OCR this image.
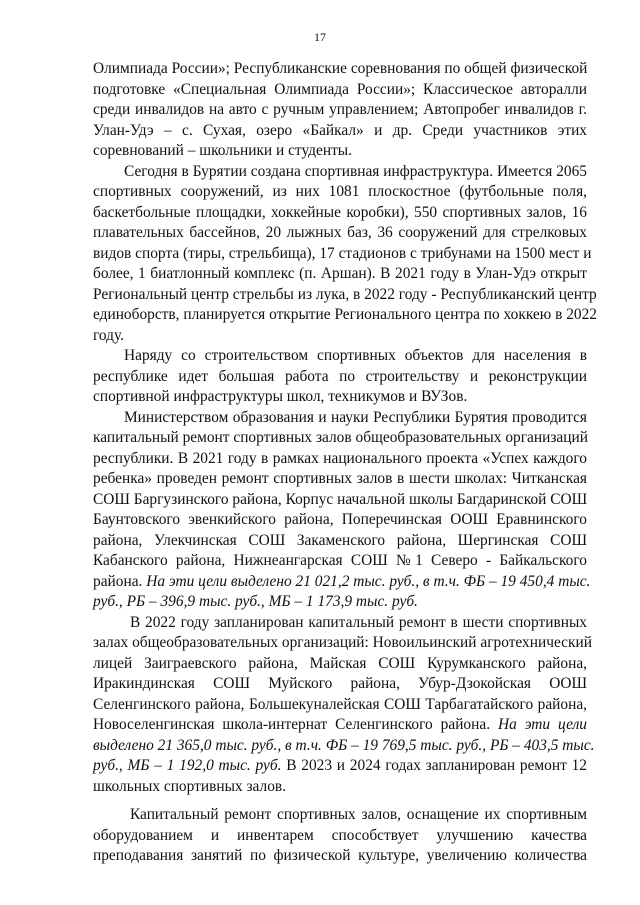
17
Олимпиада России»; Республиканские соревнования по общей физической
подготовке «Специальная Олимпиада России»; Классическое авторалли
среди инвалидов на авто с ручным управлением; Автопробег инвалидов г.
Улан-Удэ – с. Сухая, озеро «Байкал» и др. Среди участников этих
соревнований – школьники и студенты.
Сегодня в Бурятии создана спортивная инфраструктура. Имеется 2065
спортивных сооружений, из них 1081 плоскостное (футбольные поля,
баскетбольные площадки, хоккейные коробки), 550 спортивных залов, 16
плавательных бассейнов, 20 лыжных баз, 36 сооружений для стрелковых
видов спорта (тиры, стрельбища), 17 стадионов с трибунами на 1500 мест и
более, 1 биатлонный комплекс (п. Аршан). В 2021 году в Улан-Удэ открыт
Региональный центр стрельбы из лука, в 2022 году - Республиканский центр
единоборств, планируется открытие Регионального центра по хоккею в 2022
году.
Наряду со строительством спортивных объектов для населения в
республике идет большая работа по строительству и реконструкции
спортивной инфраструктуры школ, техникумов и ВУЗов.
Министерством образования и науки Республики Бурятия проводится
капитальный ремонт спортивных залов общеобразовательных организаций
республики. В 2021 году в рамках национального проекта «Успех каждого
ребенка» проведен ремонт спортивных залов в шести школах: Читканская
СОШ Баргузинского района, Корпус начальной школы Багдаринской СОШ
Баунтовского эвенкийского района, Поперечинская ООШ Еравнинского
района, Улекчинская СОШ Закаменского района, Шергинская СОШ
Кабанского района, Нижнеангарская СОШ №1 Северо - Байкальского
района. На эти цели выделено 21 021,2 тыс. руб., в т.ч. ФБ – 19 450,4 тыс.
руб., РБ – 396,9 тыс. руб., МБ – 1 173,9 тыс. руб.
В 2022 году запланирован капитальный ремонт в шести спортивных
залах общеобразовательных организаций: Новоильинский агротехнический
лицей Заиграевского района, Майская СОШ Курумканского района,
Иракиндинская СОШ Муйского района, Убур-Дзокойская ООШ
Селенгинского района, Большекуналейская СОШ Тарбагатайского района,
Новоселенгинская школа-интернат Селенгинского района. На эти цели
выделено 21 365,0 тыс. руб., в т.ч. ФБ – 19 769,5 тыс. руб., РБ – 403,5 тыс.
руб., МБ – 1 192,0 тыс. руб. В 2023 и 2024 годах запланирован ремонт 12
школьных спортивных залов.
Капитальный ремонт спортивных залов, оснащение их спортивным
оборудованием и инвентарем способствует улучшению качества
преподавания занятий по физической культуре, увеличению количества
